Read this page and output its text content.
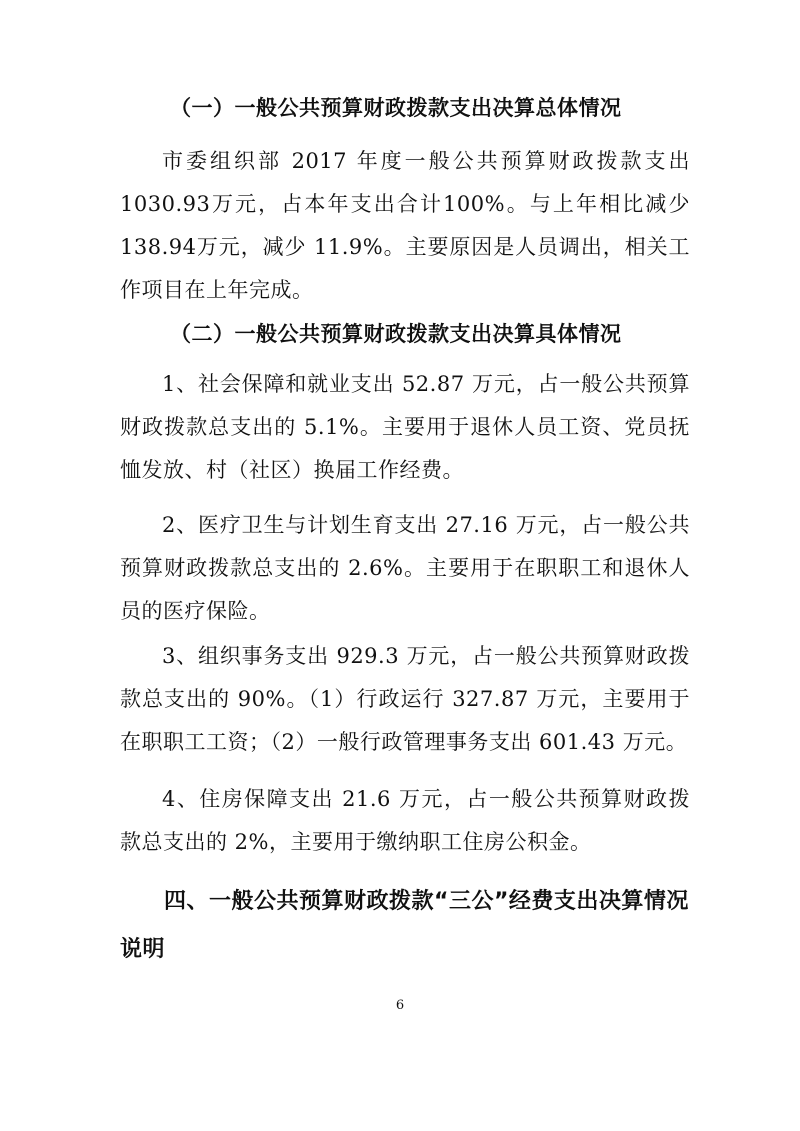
（一）一般公共预算财政拨款支出决算总体情况
市委组织部 2017 年度一般公共预算财政拨款支出1030.93万元，占本年支出合计100%。与上年相比减少138.94万元，减少 11.9%。主要原因是人员调出，相关工作项目在上年完成。
（二）一般公共预算财政拨款支出决算具体情况
1、社会保障和就业支出 52.87 万元，占一般公共预算财政拨款总支出的 5.1%。主要用于退休人员工资、党员抚恤发放、村（社区）换届工作经费。
2、医疗卫生与计划生育支出 27.16 万元，占一般公共预算财政拨款总支出的 2.6%。主要用于在职职工和退休人员的医疗保险。
3、组织事务支出 929.3 万元，占一般公共预算财政拨款总支出的 90%。（1）行政运行 327.87 万元，主要用于在职职工工资；（2）一般行政管理事务支出 601.43 万元。
4、住房保障支出 21.6 万元，占一般公共预算财政拨款总支出的 2%，主要用于缴纳职工住房公积金。
四、一般公共预算财政拨款“三公”经费支出决算情况说明
6
